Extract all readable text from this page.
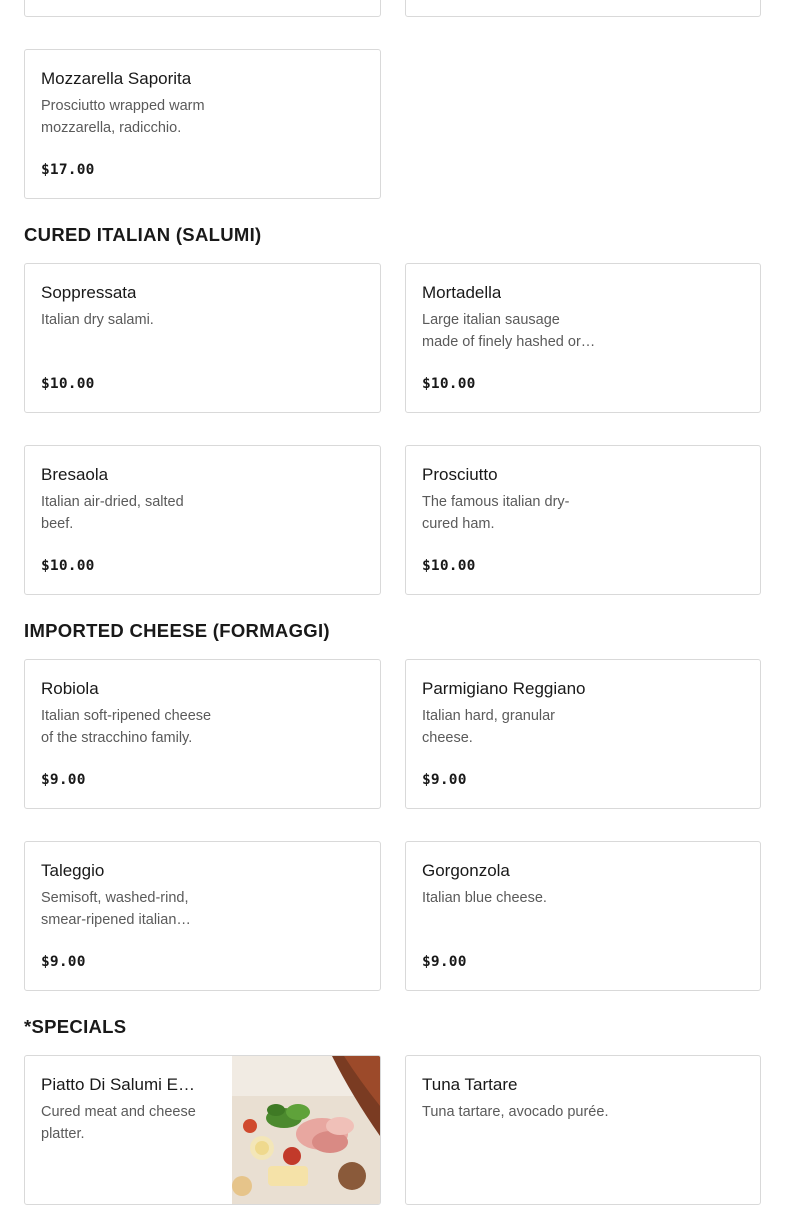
Mozzarella Saporita
Prosciutto wrapped warm mozzarella, radicchio.
$17.00
CURED ITALIAN (SALUMI)
Soppressata
Italian dry salami.
$10.00
Mortadella
Large italian sausage made of finely hashed or…
$10.00
Bresaola
Italian air-dried, salted beef.
$10.00
Prosciutto
The famous italian dry-cured ham.
$10.00
IMPORTED CHEESE (FORMAGGI)
Robiola
Italian soft-ripened cheese of the stracchino family.
$9.00
Parmigiano Reggiano
Italian hard, granular cheese.
$9.00
Taleggio
Semisoft, washed-rind, smear-ripened italian…
$9.00
Gorgonzola
Italian blue cheese.
$9.00
*SPECIALS
Piatto Di Salumi E…
Cured meat and cheese platter.
Tuna Tartare
Tuna tartare, avocado purée.
